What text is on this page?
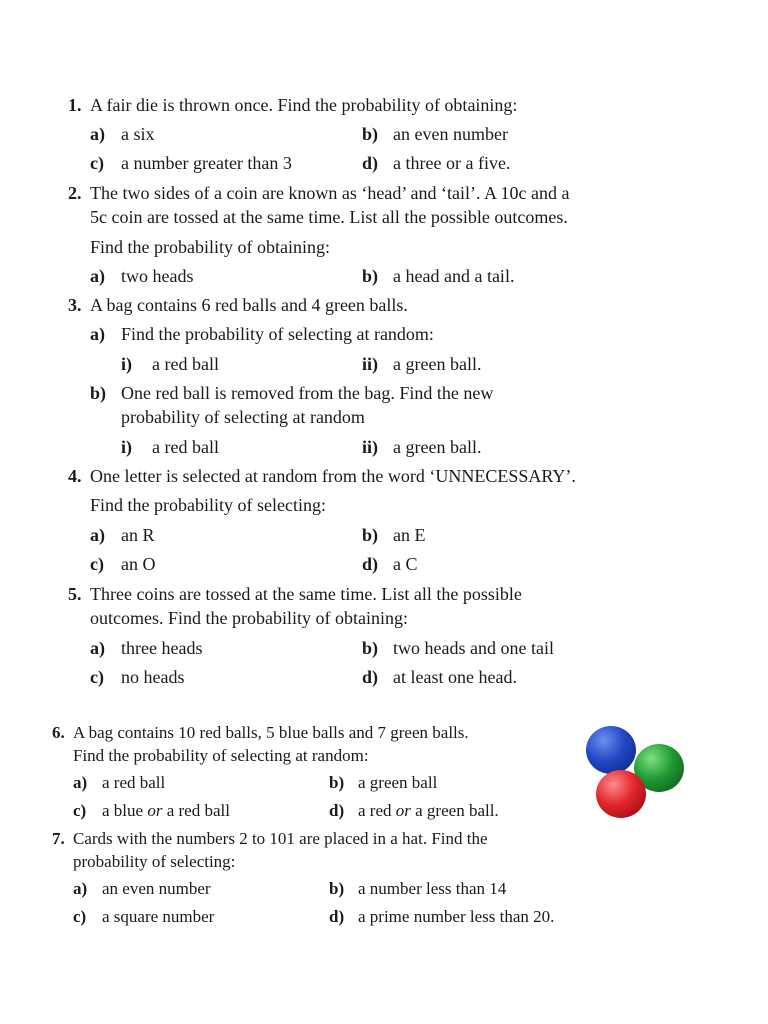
1. A fair die is thrown once. Find the probability of obtaining:
a) a six	b) an even number
c) a number greater than 3	d) a three or a five.
2. The two sides of a coin are known as ‘head’ and ‘tail’. A 10c and a
5c coin are tossed at the same time. List all the possible outcomes.
Find the probability of obtaining:
a) two heads	b) a head and a tail.
3. A bag contains 6 red balls and 4 green balls.
a) Find the probability of selecting at random:
i) a red ball	ii) a green ball.
b) One red ball is removed from the bag. Find the new
probability of selecting at random
i) a red ball	ii) a green ball.
4. One letter is selected at random from the word ‘UNNECESSARY’.
Find the probability of selecting:
a) an R	b) an E
c) an O	d) a C
5. Three coins are tossed at the same time. List all the possible
outcomes. Find the probability of obtaining:
a) three heads	b) two heads and one tail
c) no heads	d) at least one head.
6. A bag contains 10 red balls, 5 blue balls and 7 green balls.
Find the probability of selecting at random:
a) a red ball	b) a green ball
c) a blue or a red ball	d) a red or a green ball.
7. Cards with the numbers 2 to 101 are placed in a hat. Find the
probability of selecting:
a) an even number	b) a number less than 14
c) a square number	d) a prime number less than 20.
